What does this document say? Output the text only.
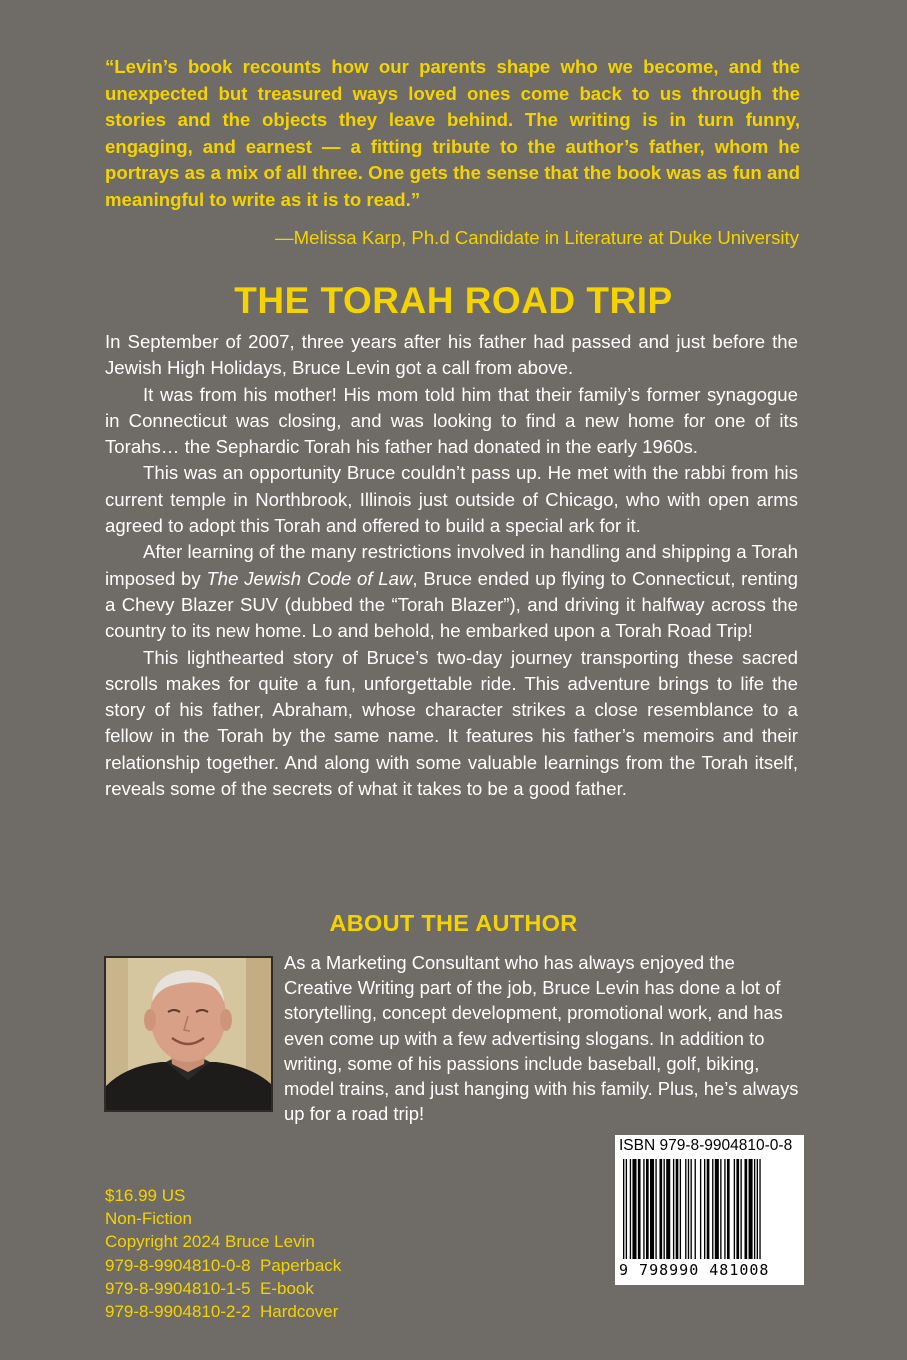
“Levin’s book recounts how our parents shape who we become, and the unexpected but treasured ways loved ones come back to us through the stories and the objects they leave behind. The writing is in turn funny, engaging, and earnest — a fitting tribute to the author’s father, whom he portrays as a mix of all three. One gets the sense that the book was as fun and meaningful to write as it is to read.”
—Melissa Karp, Ph.d Candidate in Literature at Duke University
THE TORAH ROAD TRIP

In September of 2007, three years after his father had passed and just before the Jewish High Holidays, Bruce Levin got a call from above.

It was from his mother! His mom told him that their family’s former synagogue in Connecticut was closing, and was looking to find a new home for one of its Torahs… the Sephardic Torah his father had donated in the early 1960s.

This was an opportunity Bruce couldn’t pass up. He met with the rabbi from his current temple in Northbrook, Illinois just outside of Chicago, who with open arms agreed to adopt this Torah and offered to build a special ark for it.

After learning of the many restrictions involved in handling and shipping a Torah imposed by The Jewish Code of Law, Bruce ended up flying to Connecticut, renting a Chevy Blazer SUV (dubbed the “Torah Blazer”), and driving it halfway across the country to its new home. Lo and behold, he embarked upon a Torah Road Trip!

This lighthearted story of Bruce’s two-day journey transporting these sacred scrolls makes for quite a fun, unforgettable ride. This adventure brings to life the story of his father, Abraham, whose character strikes a close resemblance to a fellow in the Torah by the same name. It features his father’s memoirs and their relationship together. And along with some valuable learnings from the Torah itself, reveals some of the secrets of what it takes to be a good father.

ABOUT THE AUTHOR
As a Marketing Consultant who has always enjoyed the Creative Writing part of the job, Bruce Levin has done a lot of storytelling, concept development, promotional work, and has even come up with a few advertising slogans. In addition to writing, some of his passions include baseball, golf, biking, model trains, and just hanging with his family. Plus, he’s always up for a road trip!
ISBN 979-8-9904810-0-8
9 798990 481008
$16.99 US
Non-Fiction
Copyright 2024 Bruce Levin
979-8-9904810-0-8  Paperback
979-8-9904810-1-5  E-book
979-8-9904810-2-2  Hardcover
